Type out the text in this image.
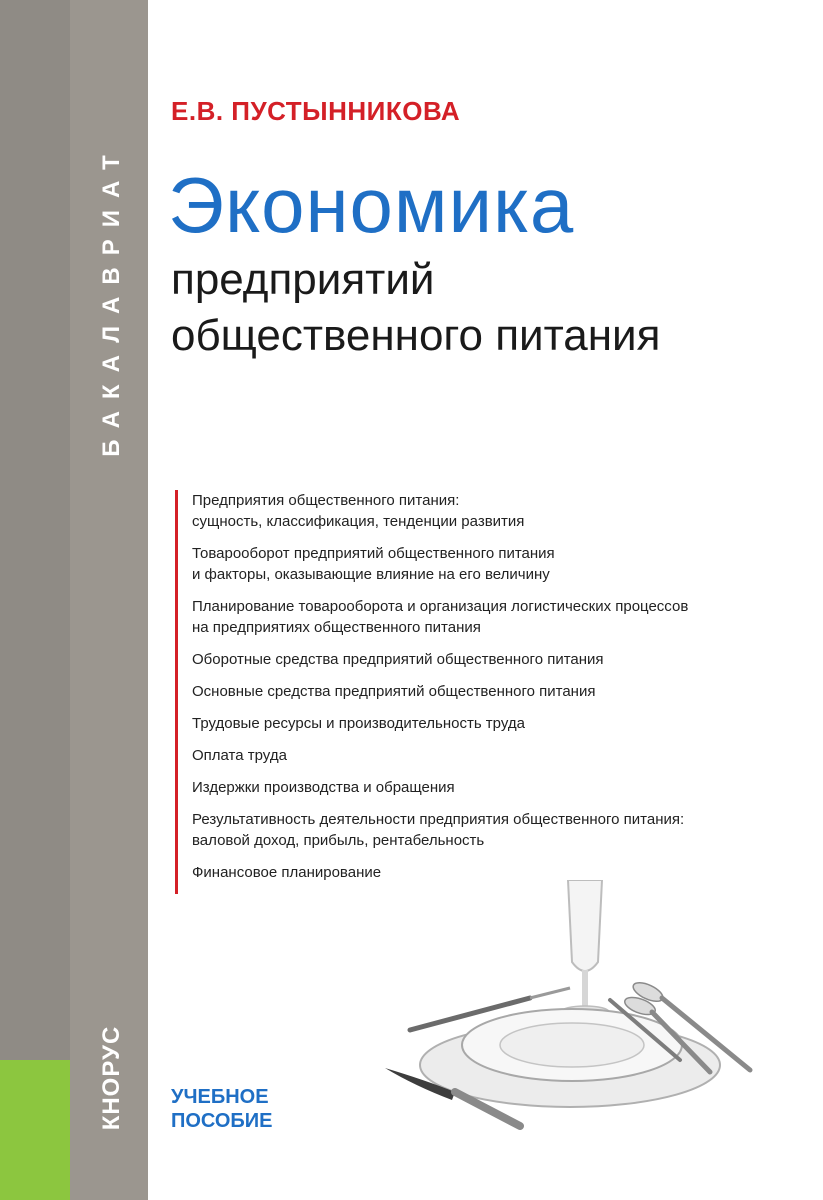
БАКАЛАВРИАТ
КНОРУС
Е.В. ПУСТЫННИКОВА
Экономика
предприятий
общественного питания
Предприятия общественного питания:
сущность, классификация, тенденции развития
Товарооборот предприятий общественного питания
и факторы, оказывающие влияние на его величину
Планирование товарооборота и организация логистических процессов
на предприятиях общественного питания
Оборотные средства предприятий общественного питания
Основные средства предприятий общественного питания
Трудовые ресурсы и производительность труда
Оплата труда
Издержки производства и обращения
Результативность деятельности предприятия общественного питания:
валовой доход, прибыль, рентабельность
Финансовое планирование
УЧЕБНОЕ
ПОСОБИЕ
